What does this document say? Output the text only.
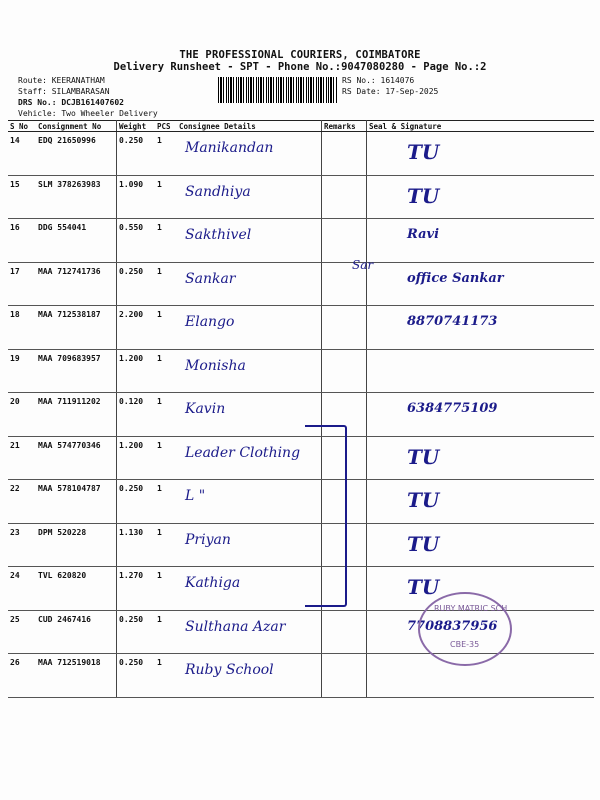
THE PROFESSIONAL COURIERS, COIMBATORE
Delivery Runsheet - SPT - Phone No.:9047080280 - Page No.:2
Route: KEERANATHAM
Staff: SILAMBARASAN
DRS No.: DCJB161407602
Vehicle: Two Wheeler Delivery
RS No.: 1614076
RS Date: 17-Sep-2025
S No	Consignment No	Weight	PCS	Consignee Details	Remarks	Seal & Signature
14	EDQ 21650996	0.250	1	Manikandan		TU

15	SLM 378263983	1.090	1	Sandhiya		TU

16	DDG 554041	0.550	1	Sakthivel		Ravi

17	MAA 712741736	0.250	1	Sankar		office Sankar

18	MAA 712538187	2.200	1	Elango		8870741173

19	MAA 709683957	1.200	1	Monisha		

20	MAA 711911202	0.120	1	Kavin		6384775109

21	MAA 574770346	1.200	1	Leader Clothing		TU

22	MAA 578104787	0.250	1	L "		TU

23	DPM 520228	1.130	1	Priyan		TU

24	TVL 620820	1.270	1	Kathiga		TU

25	CUD 2467416	0.250	1	Sulthana Azar		7708837956

26	MAA 712519018	0.250	1	Ruby School		

Sar
RUBY MATRIC SCH
CBE-35
